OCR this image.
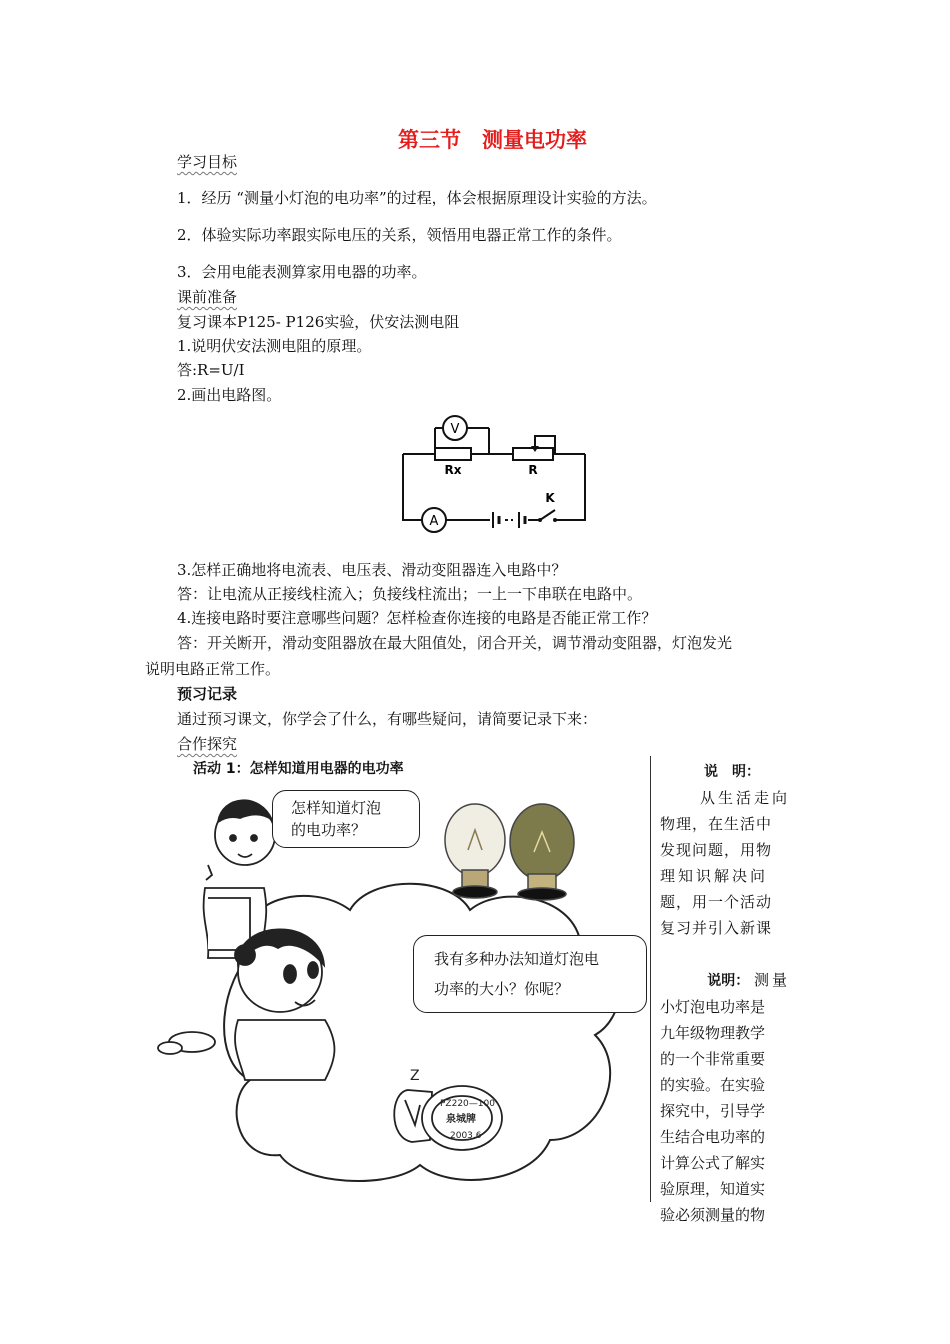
第三节　测量电功率
学习目标
1．经历 “测量小灯泡的电功率”的过程，体会根据原理设计实验的方法。
2．体验实际功率跟实际电压的关系，领悟用电器正常工作的条件。
3．会用电能表测算家用电器的功率。
课前准备
复习课本P125- P126实验，伏安法测电阻
1.说明伏安法测电阻的原理。
答:R=U/I
2.画出电路图。
V
A
Rx	R
K
3.怎样正确地将电流表、电压表、滑动变阻器连入电路中？
答：让电流从正接线柱流入；负接线柱流出；一上一下串联在电路中。
4.连接电路时要注意哪些问题？怎样检查你连接的电路是否能正常工作？
答：开关断开，滑动变阻器放在最大阻值处，闭合开关，调节滑动变阻器，灯泡发光
说明电路正常工作。
预习记录
通过预习课文，你学会了什么，有哪些疑问，请简要记录下来：
合作探究
活动 1：怎样知道用电器的电功率
PZ220—100
泉城牌
2003.6
Z
怎样知道灯泡
的电功率？
我有多种办法知道灯泡电
功率的大小？你呢？

说　明：

从生活走向

物理，在生活中

发现问题，用物

理知识解决问

题，用一个活动

复习并引入新课

说明： 测量

小灯泡电功率是

九年级物理教学

的一个非常重要

的实验。在实验

探究中，引导学

生结合电功率的

计算公式了解实

验原理，知道实

验必须测量的物
